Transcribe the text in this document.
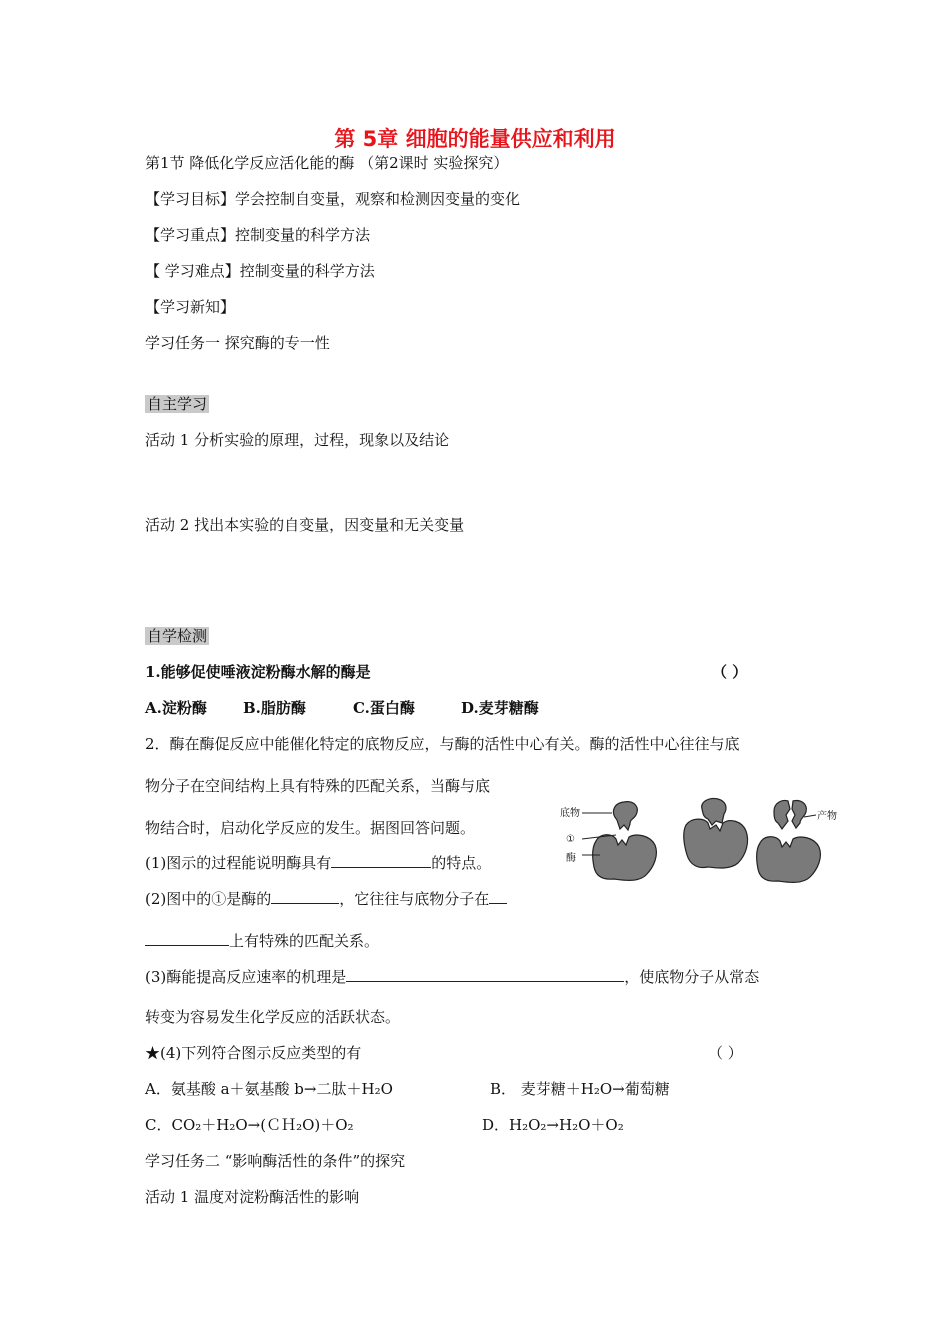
第 5章 细胞的能量供应和利用
第1节 降低化学反应活化能的酶 （第2课时 实验探究）
【学习目标】学会控制自变量，观察和检测因变量的变化
【学习重点】控制变量的科学方法
【 学习难点】控制变量的科学方法
【学习新知】
学习任务一 探究酶的专一性
自主学习
活动 1 分析实验的原理，过程，现象以及结论
活动 2 找出本实验的自变量，因变量和无关变量
自学检测
1.能够促使唾液淀粉酶水解的酶是	（ ）
A.淀粉酶 B.脂肪酶	C.蛋白酶	D.麦芽糖酶
2．酶在酶促反应中能催化特定的底物反应，与酶的活性中心有关。酶的活性中心往往与底
物分子在空间结构上具有特殊的匹配关系，当酶与底
物结合时，启动化学反应的发生。据图回答问题。
(1)图示的过程能说明酶具有	的特点。
(2)图中的①是酶的	，它往往与底物分子在
上有特殊的匹配关系。
(3)酶能提高反应速率的机理是	，使底物分子从常态
转变为容易发生化学反应的活跃状态。
★(4)下列符合图示反应类型的有	（ ）
A．氨基酸 a＋氨基酸 b→二肽＋H₂O	B． 麦芽糖＋H₂O→葡萄糖
C．CO₂＋H₂O→(ＣＨ₂O)＋O₂	D．H₂O₂→H₂O＋O₂
学习任务二 “影响酶活性的条件”的探究
活动 1 温度对淀粉酶活性的影响
底物
①
酶
产物
